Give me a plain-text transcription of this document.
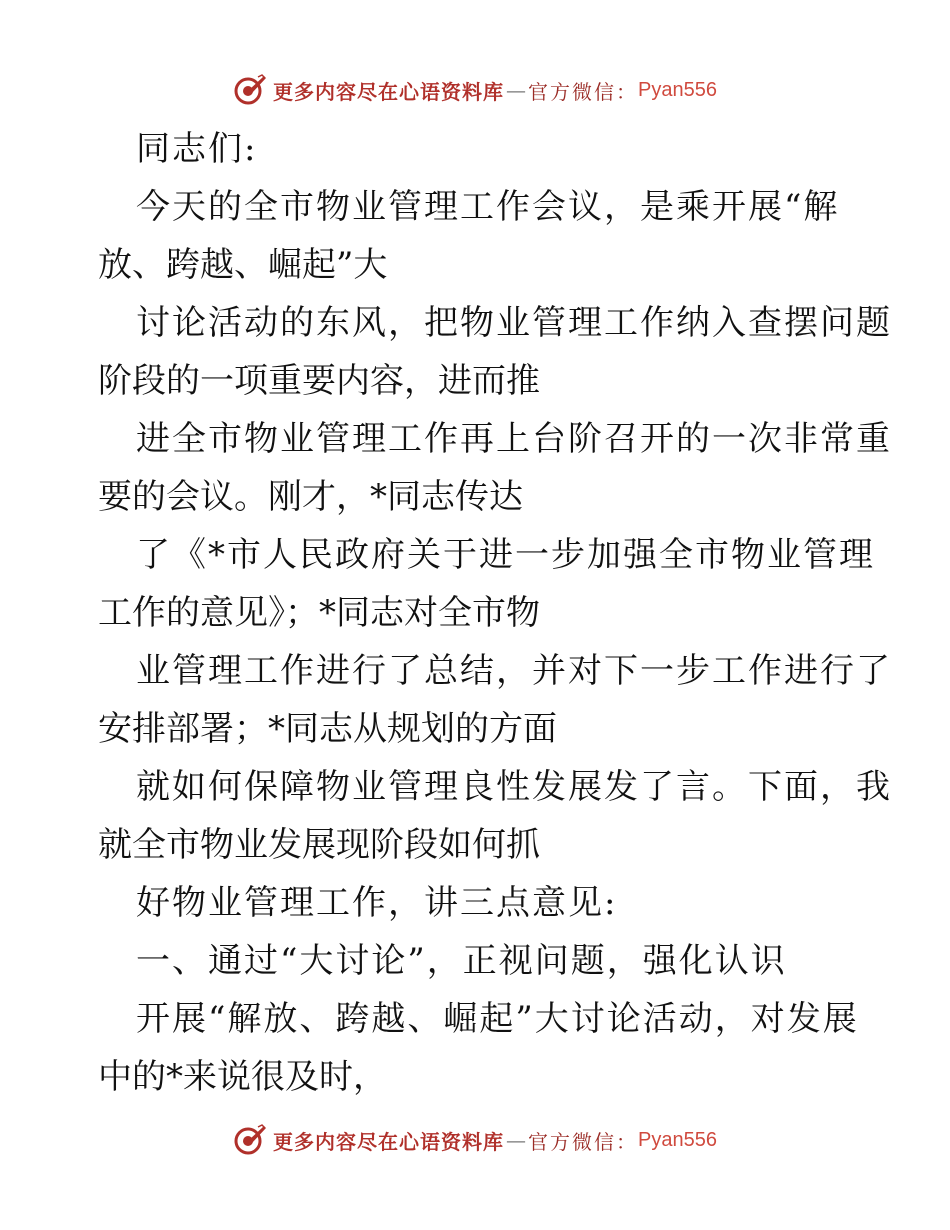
更多内容尽在心语资料库 — 官方微信： Pyan556

同志们:

今天的全市物业管理工作会议，是乘开展“解

放、跨越、崛起”大

讨论活动的东风，把物业管理工作纳入查摆问题

阶段的一项重要内容，进而推

进全市物业管理工作再上台阶召开的一次非常重

要的会议。刚才，*同志传达

了《*市人民政府关于进一步加强全市物业管理

工作的意见》；*同志对全市物

业管理工作进行了总结，并对下一步工作进行了

安排部署；*同志从规划的方面

就如何保障物业管理良性发展发了言。下面，我

就全市物业发展现阶段如何抓

好物业管理工作，讲三点意见:

一、通过“大讨论”，正视问题，强化认识

开展“解放、跨越、崛起”大讨论活动，对发展

中的*来说很及时，

更多内容尽在心语资料库 — 官方微信： Pyan556
